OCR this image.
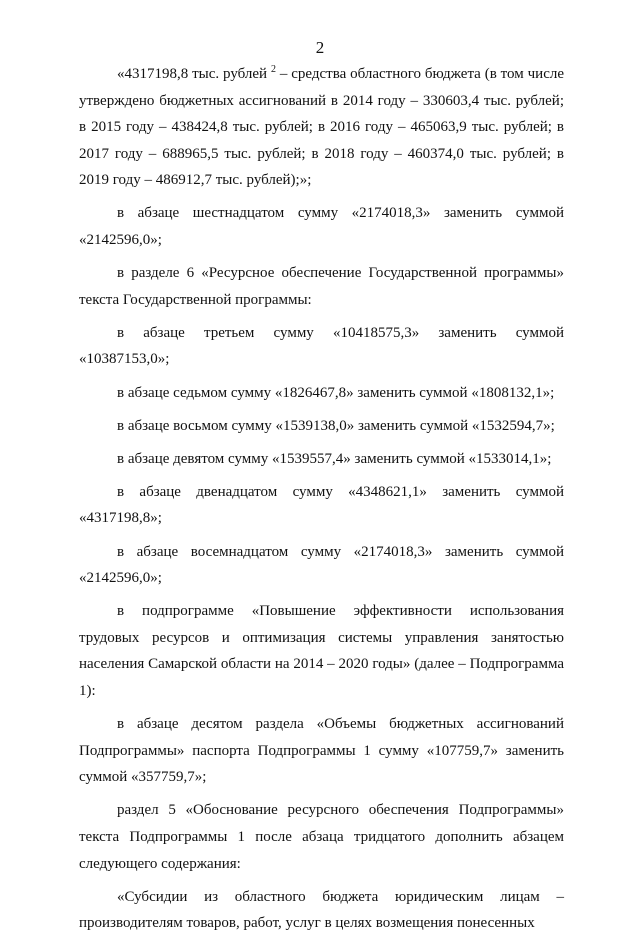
2

«4317198,8 тыс. рублей $^2$ – средства областного бюджета (в том числе утверждено бюджетных ассигнований в 2014 году – 330603,4 тыс. рублей; в 2015 году – 438424,8 тыс. рублей; в 2016 году – 465063,9 тыс. рублей; в 2017 году – 688965,5 тыс. рублей; в 2018 году – 460374,0 тыс. рублей; в 2019 году – 486912,7 тыс. рублей);»;

в абзаце шестнадцатом сумму «2174018,3» заменить суммой «2142596,0»;

в разделе 6 «Ресурсное обеспечение Государственной программы» текста Государственной программы:

в абзаце третьем сумму «10418575,3» заменить суммой «10387153,0»;

в абзаце седьмом сумму «1826467,8» заменить суммой «1808132,1»;

в абзаце восьмом сумму «1539138,0» заменить суммой «1532594,7»;

в абзаце девятом сумму «1539557,4» заменить суммой «1533014,1»;

в абзаце двенадцатом сумму «4348621,1» заменить суммой «4317198,8»;

в абзаце восемнадцатом сумму «2174018,3» заменить суммой «2142596,0»;

в подпрограмме «Повышение эффективности использования трудовых ресурсов и оптимизация системы управления занятостью населения Самарской области на 2014 – 2020 годы» (далее – Подпрограмма 1):

в абзаце десятом раздела «Объемы бюджетных ассигнований Подпрограммы» паспорта Подпрограммы 1 сумму «107759,7» заменить суммой «357759,7»;

раздел 5 «Обоснование ресурсного обеспечения Подпрограммы» текста Подпрограммы 1 после абзаца тридцатого дополнить абзацем следующего содержания:

«Субсидии из областного бюджета юридическим лицам – производителям товаров, работ, услуг в целях возмещения понесенных
